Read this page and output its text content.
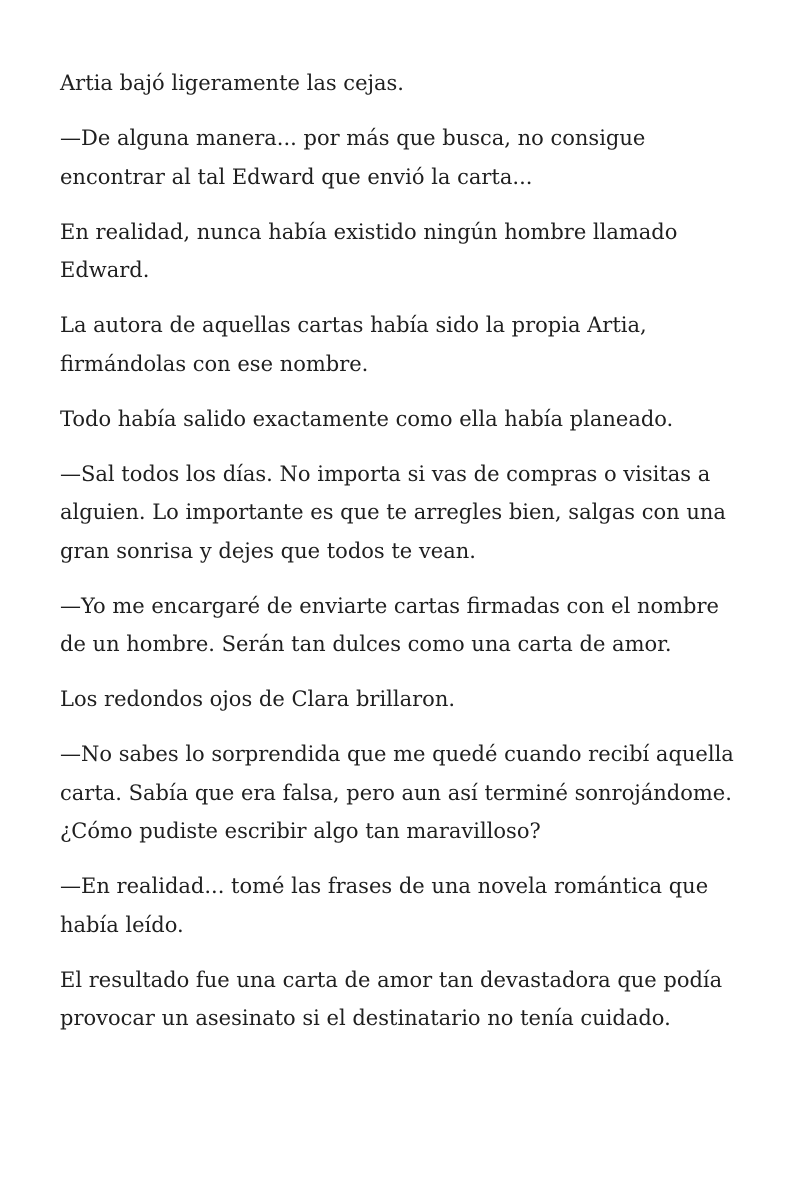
Artia bajó ligeramente las cejas.

—De alguna manera... por más que busca, no consigue encontrar al tal Edward que envió la carta...

En realidad, nunca había existido ningún hombre llamado Edward.

La autora de aquellas cartas había sido la propia Artia, firmándolas con ese nombre.

Todo había salido exactamente como ella había planeado.

—Sal todos los días. No importa si vas de compras o visitas a alguien. Lo importante es que te arregles bien, salgas con una gran sonrisa y dejes que todos te vean.

—Yo me encargaré de enviarte cartas firmadas con el nombre de un hombre. Serán tan dulces como una carta de amor.

Los redondos ojos de Clara brillaron.

—No sabes lo sorprendida que me quedé cuando recibí aquella carta. Sabía que era falsa, pero aun así terminé sonrojándome. ¿Cómo pudiste escribir algo tan maravilloso?

—En realidad... tomé las frases de una novela romántica que había leído.

El resultado fue una carta de amor tan devastadora que podía provocar un asesinato si el destinatario no tenía cuidado.
